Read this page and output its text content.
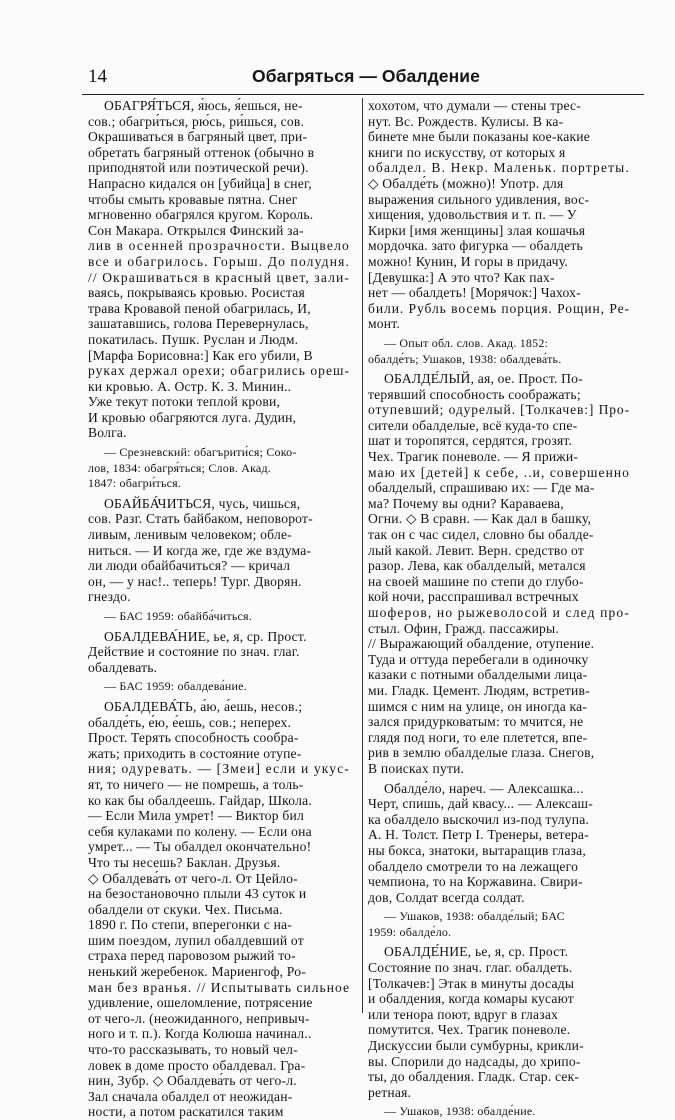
14	Обагряться — Обалдение
ОБАГРЯ́ТЬСЯ, я́юсь, я́ешься, не-
сов.; обагри́ться, рю́сь, ри́шься, сов.
Окрашиваться в багряный цвет, при-
обретать багряный оттенок (обычно в
приподнятой или поэтической речи).
Напрасно кидался он [убийца] в снег,
чтобы смыть кровавые пятна. Снег
мгновенно обагрялся кругом. Король.
Сон Макара. Открылся Финский за-
лив в осенней прозрачности. Выцвело
все и обагрилось. Горыш. До полудня.
// Окрашиваться в красный цвет, зали-
ваясь, покрываясь кровью. Росистая
трава Кровавой пеной обагрилась, И,
зашатавшись, голова Перевернулась,
покатилась. Пушк. Руслан и Людм.
[Марфа Борисовна:] Как его убили, В
руках держал орехи; обагрились ореш-
ки кровью. А. Остр. К. З. Минин..
Уже текут потоки теплой крови,
И кровью обагряются луга. Дудин,
Волга.
— Срезневский: обагърити́ся; Соко-
лов, 1834: обагря́ться; Слов. Акад.
1847: обагри́ться.
ОБАЙБА́ЧИТЬСЯ, чусь, чишься,
сов. Разг. Стать байбаком, неповорот-
ливым, ленивым человеком; обле-
ниться. — И когда же, где же вздума-
ли люди обайбачиться? — кричал
он, — у нас!.. теперь! Тург. Дворян.
гнездо.
— БАС 1959: обайба́читься.
ОБАЛДЕВА́НИЕ, ье, я, ср. Прост.
Действие и состояние по знач. глаг.
обалдевать.
— БАС 1959: обалдева́ние.
ОБАЛДЕВА́ТЬ, а́ю, а́ешь, несов.;
обалде́ть, е́ю, е́ешь, сов.; неперех.
Прост. Терять способность сообра-
жать; приходить в состояние отупе-
ния; одуревать. — [Змеи] если и укус-
ят, то ничего — не помрешь, а толь-
ко как бы обалдеешь. Гайдар, Школа.
— Если Мила умрет! — Виктор бил
себя кулаками по колену. — Если она
умрет... — Ты обалдел окончательно!
Что ты несешь? Баклан. Друзья.
◇ Обалдева́ть от чего-л. От Цейло-
на безостановочно плыли 43 суток и
обалдели от скуки. Чех. Письма.
1890 г. По степи, вперегонки с на-
шим поездом, лупил обалдевший от
страха перед паровозом рыжий то-
ненький жеребенок. Мариенгоф, Ро-
ман без вранья. // Испытывать сильное
удивление, ошеломление, потрясение
от чего-л. (неожиданного, непривыч-
ного и т. п.). Когда Колюша начинал..
что-то рассказывать, то новый чел-
ловек в доме просто обалдевал. Гра-
нин, Зубр. ◇ Обалдева́ть от чего-л.
Зал сначала обалдел от неожидан-
ности, а потом раскатился таким
хохотом, что думали — стены трес-
нут. Вс. Рождеств. Кулисы. В ка-
бинете мне были показаны кое-какие
книги по искусству, от которых я
обалдел. В. Некр. Маленьк. портреты.
◇ Обалде́ть (можно)! Употр. для
выражения сильного удивления, вос-
хищения, удовольствия и т. п. — У
Кирки [имя женщины] злая кошачья
мордочка. зато фигурка — обалдеть
можно! Кунин, И горы в придачу.
[Девушка:] А это что? Как пах-
нет — обалдеть! [Морячок:] Чахох-
били. Рубль восемь порция. Рощин, Ре-
монт.
— Опыт обл. слов. Акад. 1852:
обалде́ть; Ушаков, 1938: обалдева́ть.
ОБАЛДЕ́ЛЫЙ, ая, ое. Прост. По-
терявший способность соображать;
отупевший; одурелый. [Толкачев:] Про-
сители обалделые, всё куда-то спе-
шат и торопятся, сердятся, грозят.
Чех. Трагик поневоле. — Я прижи-
маю их [детей] к себе, ..и, совершенно
обалделый, спрашиваю их: — Где ма-
ма? Почему вы одни? Караваева,
Огни. ◇ В сравн. — Как дал в башку,
так он с час сидел, словно бы обалде-
лый какой. Левит. Верн. средство от
разор. Лева, как обалделый, метался
на своей машине по степи до глубо-
кой ночи, расспрашивал встречных
шоферов, но рыжеволосой и след про-
стыл. Офин, Гражд. пассажиры.
// Выражающий обалдение, отупение.
Туда и оттуда перебегали в одиночку
казаки с потными обалделыми лица-
ми. Гладк. Цемент. Людям, встретив-
шимся с ним на улице, он иногда ка-
зался придурковатым: то мчится, не
глядя под ноги, то еле плетется, впе-
рив в землю обалделые глаза. Снегов,
В поисках пути.
Обалде́ло, нареч. — Алексашка...
Черт, спишь, дай квасу... — Алексаш-
ка обалдело выскочил из-под тулупа.
А. Н. Толст. Петр I. Тренеры, ветера-
ны бокса, знатоки, вытаращив глаза,
обалдело смотрели то на лежащего
чемпиона, то на Коржавина. Свири-
дов, Солдат всегда солдат.
— Ушаков, 1938: обалде́лый; БАС
1959: обалде́ло.
ОБАЛДЕ́НИЕ, ье, я, ср. Прост.
Состояние по знач. глаг. обалдеть.
[Толкачев:] Этак в минуты досады
и обалдения, когда комары кусают
или тенора поют, вдруг в глазах
помутится. Чех. Трагик поневоле.
Дискуссии были сумбурны, крикли-
вы. Спорили до надсады, до хрипо-
ты, до обалдения. Гладк. Стар. сек-
ретная.
— Ушаков, 1938: обалде́ние.
